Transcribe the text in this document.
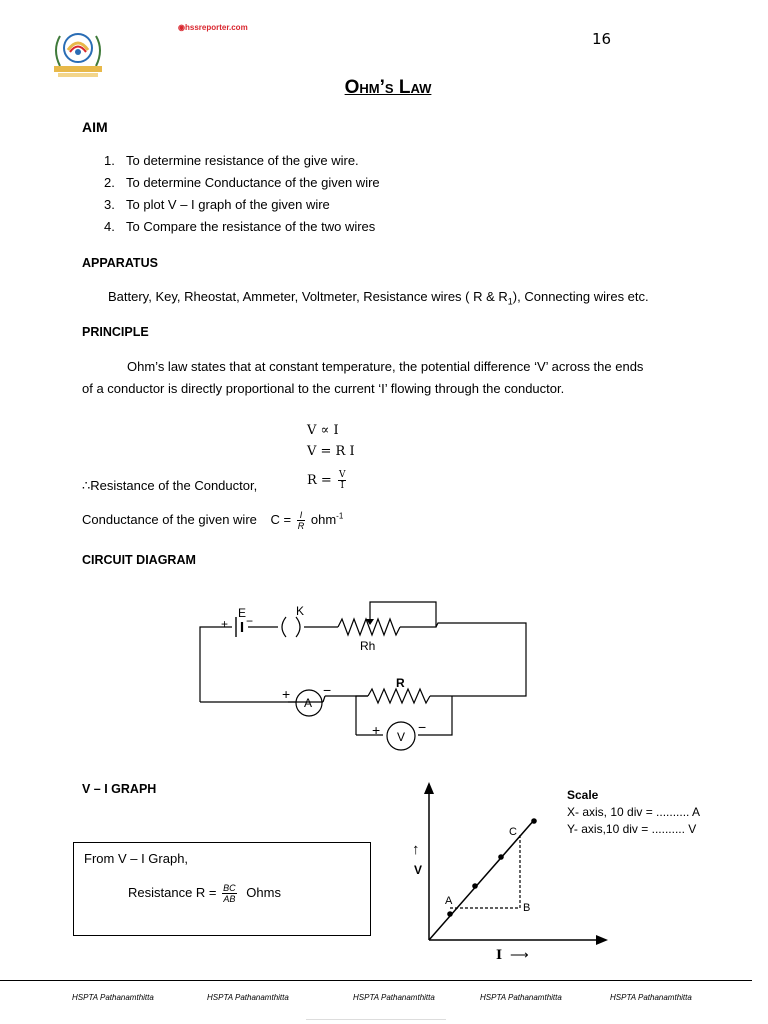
◉hssreporter.com
16
Ohm’s Law
AIM
1. To determine resistance of the give wire.
2. To determine Conductance of the given wire
3. To plot V – I graph of the given wire
4. To Compare the resistance of the two wires
APPARATUS
Battery, Key, Rheostat, Ammeter, Voltmeter, Resistance wires ( R & $R_1$), Connecting wires etc.
PRINCIPLE
Ohm’s law states that at constant temperature, the potential difference ‘V’ across the ends
of a conductor is directly proportional to the current ‘I’ flowing through the conductor.
V ∝ I
V = R I
∴Resistance of the Conductor,	$R = \frac{V}{I}$
Conductance of the given wire $C = \frac{I}{R} ohm^{-1}$
CIRCUIT DIAGRAM
E
+ −
K
Rh
R
A
+ −
V
+	−
V – I GRAPH
From V – I Graph,
Resistance $R = \frac{BC}{AB}$ Ohms
A
B
C
↑
V
I ⟶
Scale
X- axis, 10 div = .......... A
Y- axis,10 div = .......... V
HSPTA Pathanamthitta	HSPTA Pathanamthitta	HSPTA Pathanamthitta	HSPTA Pathanamthitta	HSPTA Pathanamthitta
